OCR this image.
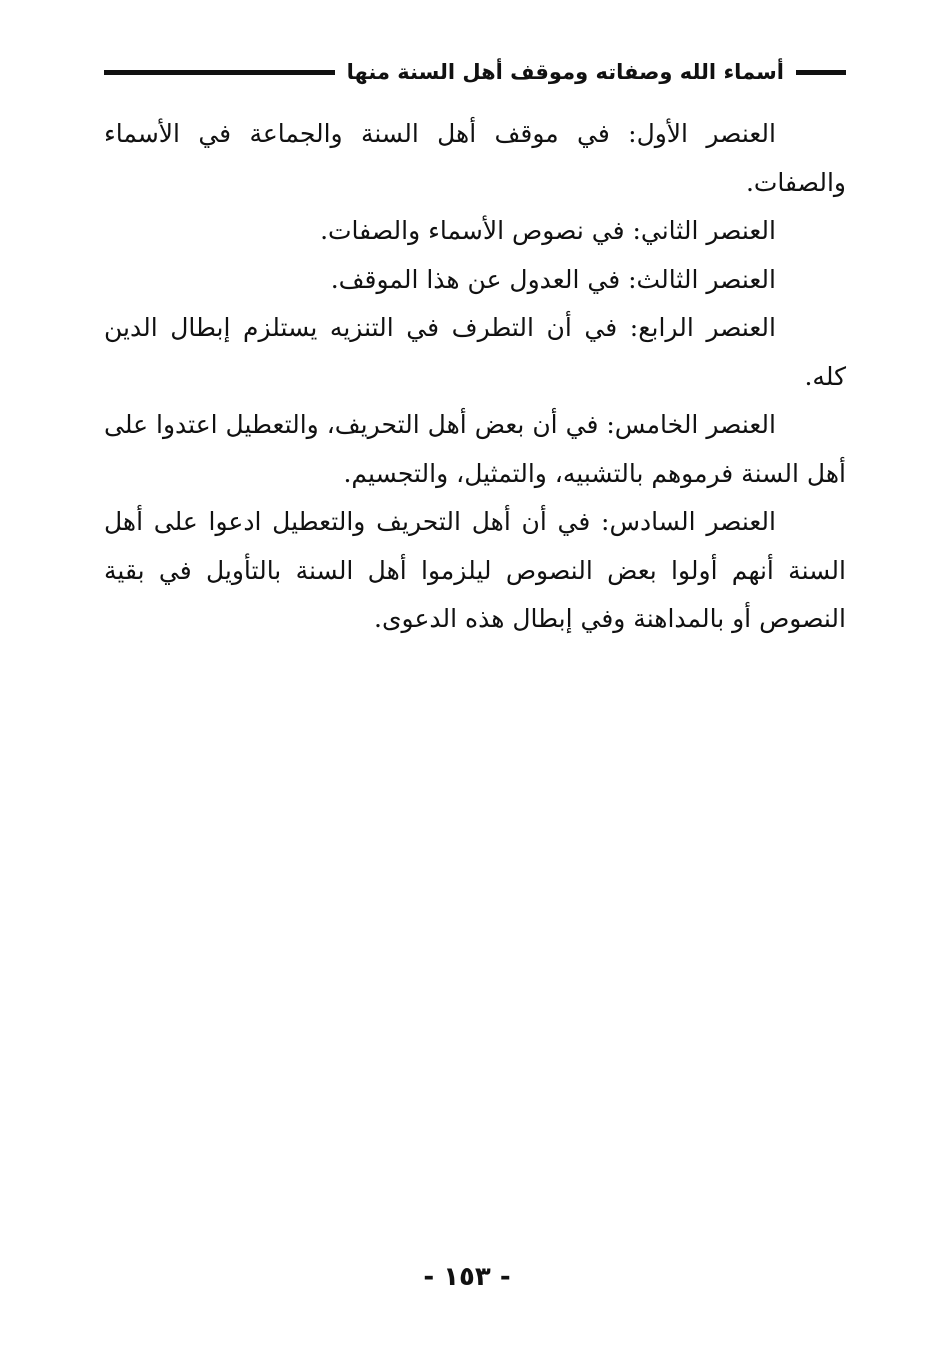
أسماء الله وصفاته وموقف أهل السنة منها

العنصر الأول: في موقف أهل السنة والجماعة في الأسماء والصفات.

العنصر الثاني: في نصوص الأسماء والصفات.

العنصر الثالث: في العدول عن هذا الموقف.

العنصر الرابع: في أن التطرف في التنزيه يستلزم إبطال الدين كله.

العنصر الخامس: في أن بعض أهل التحريف، والتعطيل اعتدوا على أهل السنة فرموهم بالتشبيه، والتمثيل، والتجسيم.

العنصر السادس: في أن أهل التحريف والتعطيل ادعوا على أهل السنة أنهم أولوا بعض النصوص ليلزموا أهل السنة بالتأويل في بقية النصوص أو بالمداهنة وفي إبطال هذه الدعوى.

- ١٥٣ -
